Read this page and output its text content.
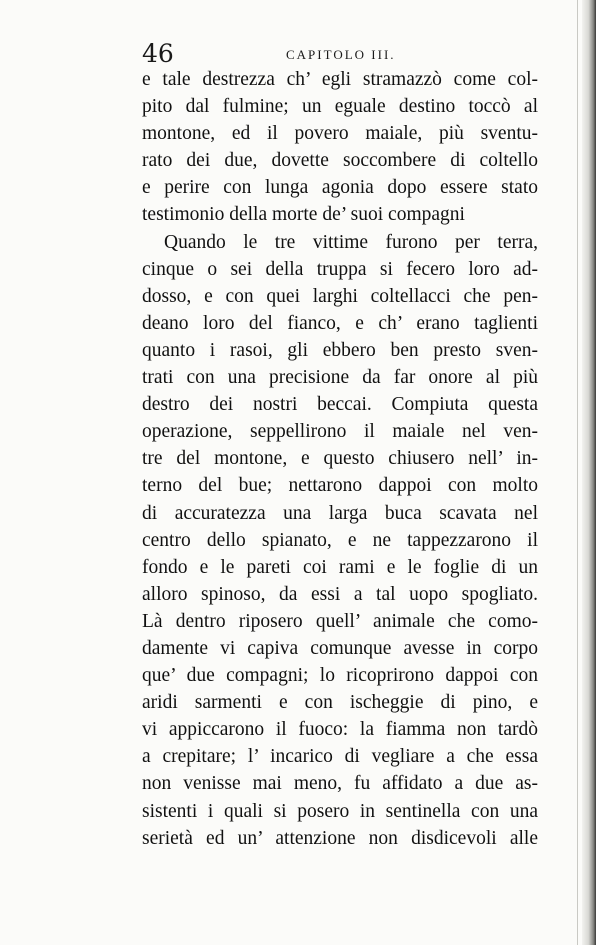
46	CAPITOLO III.
e tale destrezza ch’ egli stramazzò come col-
pito dal fulmine; un eguale destino toccò al
montone, ed il povero maiale, più sventu-
rato dei due, dovette soccombere di coltello
e perire con lunga agonia dopo essere stato
testimonio della morte de’ suoi compagni
Quando le tre vittime furono per terra,
cinque o sei della truppa si fecero loro ad-
dosso, e con quei larghi coltellacci che pen-
deano loro del fianco, e ch’ erano taglienti
quanto i rasoi, gli ebbero ben presto sven-
trati con una precisione da far onore al più
destro dei nostri beccai. Compiuta questa
operazione, seppellirono il maiale nel ven-
tre del montone, e questo chiusero nell’ in-
terno del bue; nettarono dappoi con molto
di accuratezza una larga buca scavata nel
centro dello spianato, e ne tappezzarono il
fondo e le pareti coi rami e le foglie di un
alloro spinoso, da essi a tal uopo spogliato.
Là dentro riposero quell’ animale che como-
damente vi capiva comunque avesse in corpo
que’ due compagni; lo ricoprirono dappoi con
aridi sarmenti e con ischeggie di pino, e
vi appiccarono il fuoco: la fiamma non tardò
a crepitare; l’ incarico di vegliare a che essa
non venisse mai meno, fu affidato a due as-
sistenti i quali si posero in sentinella con una
serietà ed un’ attenzione non disdicevoli alle
